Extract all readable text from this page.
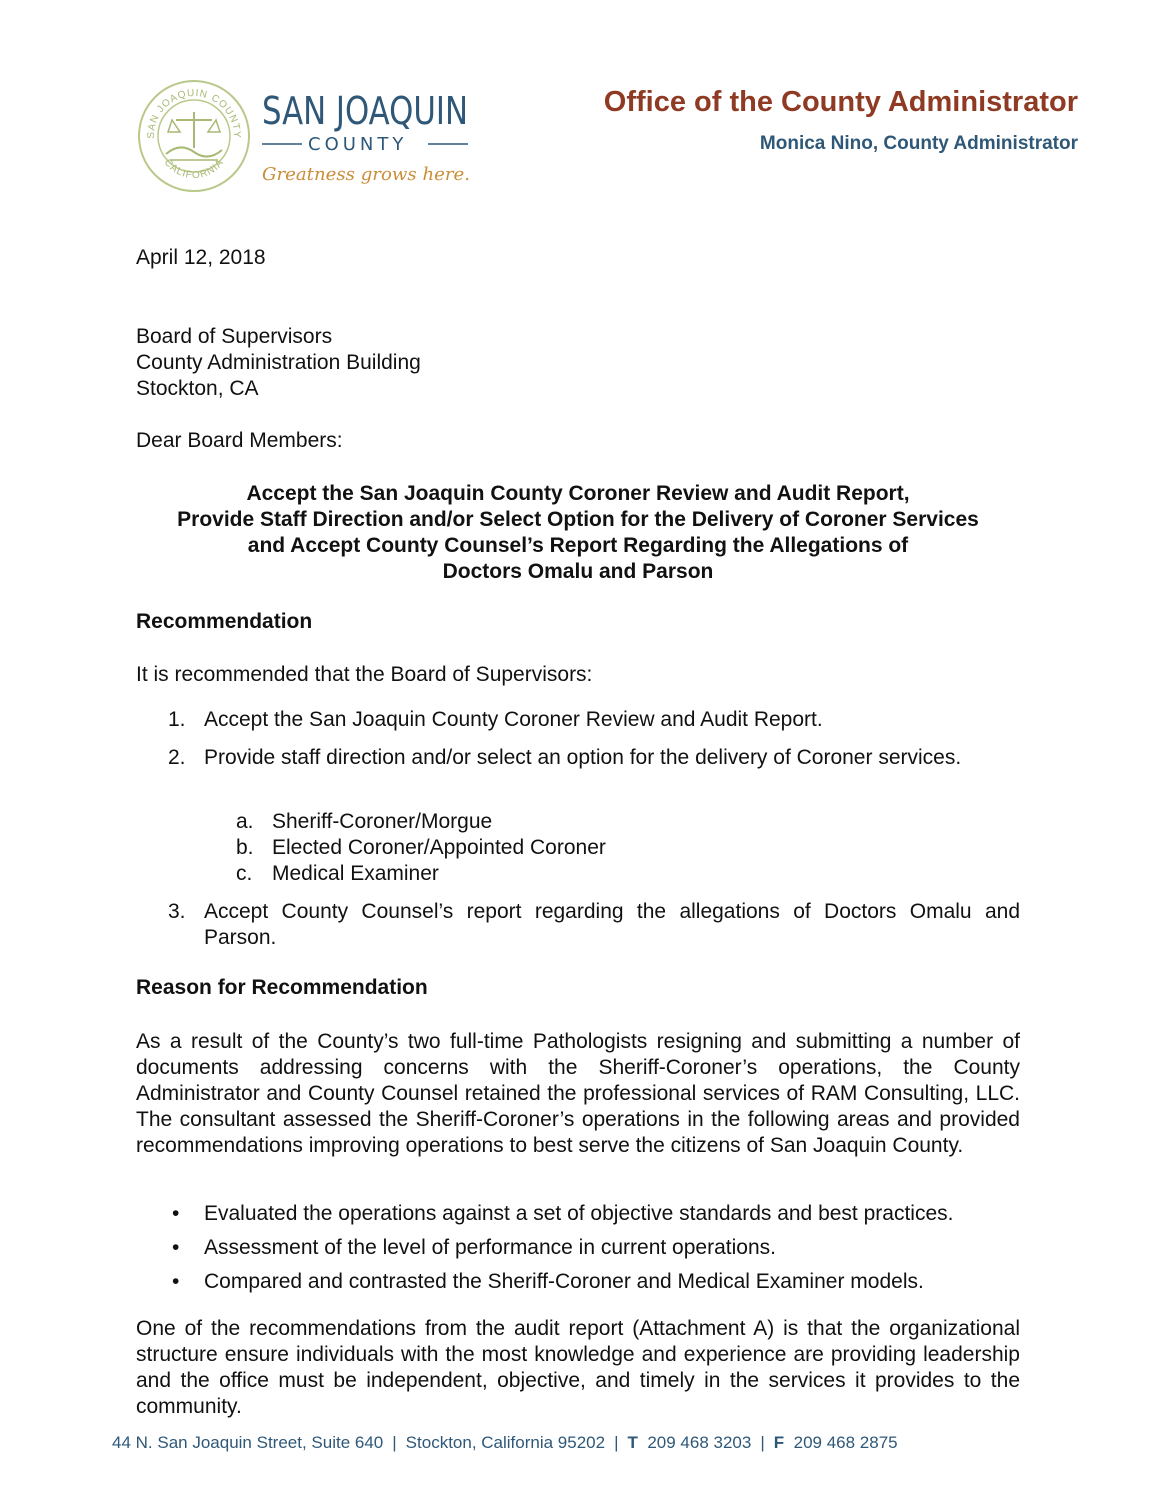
SAN JOAQUIN COUNTY
CALIFORNIA
SAN JOAQUIN
COUNTY
Greatness grows here.
Office of the County Administrator
Monica Nino, County Administrator
April 12, 2018
Board of Supervisors
County Administration Building
Stockton, CA
Dear Board Members:
Accept the San Joaquin County Coroner Review and Audit Report,
Provide Staff Direction and/or Select Option for the Delivery of Coroner Services
and Accept County Counsel’s Report Regarding the Allegations of
Doctors Omalu and Parson
Recommendation
It is recommended that the Board of Supervisors:
1. Accept the San Joaquin County Coroner Review and Audit Report.
2. Provide staff direction and/or select an option for the delivery of Coroner services.
a. Sheriff-Coroner/Morgue
b. Elected Coroner/Appointed Coroner
c. Medical Examiner
3. Accept County Counsel’s report regarding the allegations of Doctors Omalu and Parson.
Reason for Recommendation
As a result of the County’s two full-time Pathologists resigning and submitting a number of documents addressing concerns with the Sheriff-Coroner’s operations, the County Administrator and County Counsel retained the professional services of RAM Consulting, LLC. The consultant assessed the Sheriff-Coroner’s operations in the following areas and provided recommendations improving operations to best serve the citizens of San Joaquin County.
• Evaluated the operations against a set of objective standards and best practices.
• Assessment of the level of performance in current operations.
• Compared and contrasted the Sheriff-Coroner and Medical Examiner models.
One of the recommendations from the audit report (Attachment A) is that the organizational structure ensure individuals with the most knowledge and experience are providing leadership and the office must be independent, objective, and timely in the services it provides to the community.
44 N. San Joaquin Street, Suite 640 | Stockton, California 95202 | T 209 468 3203 | F 209 468 2875
